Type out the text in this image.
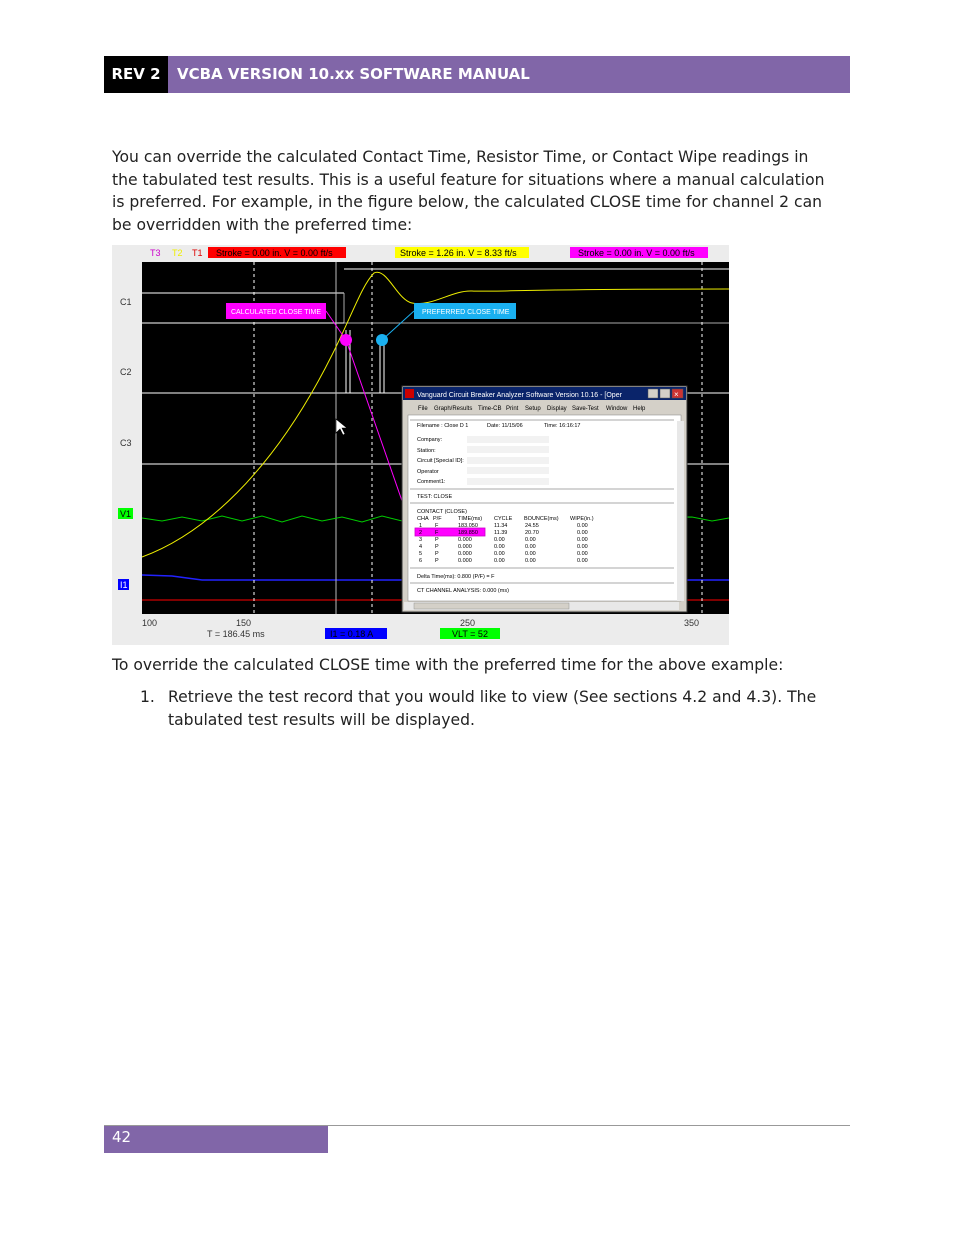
REV 2	VCBA VERSION 10.xx SOFTWARE MANUAL
You can override the calculated Contact Time, Resistor Time, or Contact Wipe readings in the tabulated test results. This is a useful feature for situations where a manual calculation is preferred. For example, in the figure below, the calculated CLOSE time for channel 2 can be overridden with the preferred time:
T3 T2 T1 Stroke = 0.00 in. V = 0.00 ft/s	Stroke = 1.26 in. V = 8.33 ft/s	Stroke = 0.00 in. V = 0.00 ft/s
C1
C2
C3
V1
I1
CALCULATED CLOSE TIME	PREFERRED CLOSE TIME
100	150	250	350
T = 186.45 ms	I1 = 0.18 A	VLT = 52
Vanguard Circuit Breaker Analyzer Software Version 10.16 - [Oper	×
File Graph/Results Time-CB Print Setup Display Save-Test Window Help
Filename : Close D 1	Date: 11/15/06	Time: 16:16:17
Company:
Station:
Circuit [Special ID]:
Operator
Comment1:
TEST: CLOSE
CONTACT (CLOSE)
CHA P/F	TIME(ms) CYCLE BOUNCE(ms) WIPE(in.)
1 F	183.050	11.34	24.55	0.00
2 F	189.850	11.39	20.70	0.00
3 P	0.000	0.00	0.00	0.00
4 P	0.000	0.00	0.00	0.00
5 P	0.000	0.00	0.00	0.00
6 P	0.000	0.00	0.00	0.00
Delta Time(ms): 0.800 (P/F) = F
CT CHANNEL ANALYSIS: 0.000 (ms)
To override the calculated CLOSE time with the preferred time for the above example:
1. Retrieve the test record that you would like to view (See sections 4.2 and 4.3). The tabulated test results will be displayed.
42
